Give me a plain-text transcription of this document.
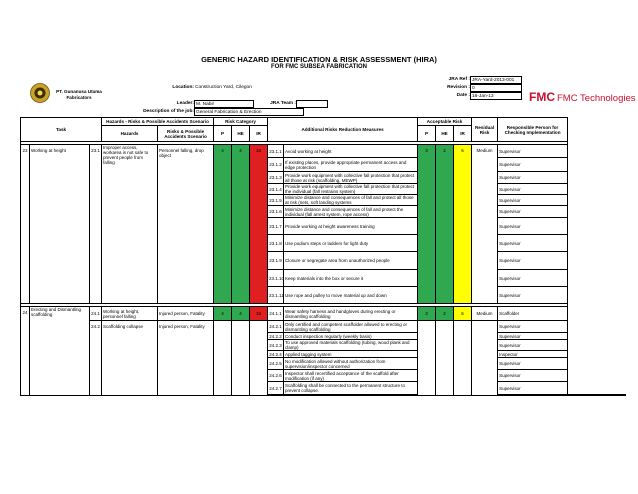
GENERIC HAZARD IDENTIFICATION & RISK ASSESSMENT (HIRA)
FOR FMC SUBSEA FABRICATION
PT. Gunanusa Utama Fabricators	FMC FMC Technologies
JRA Ref : JRA-Yard-2013-001
Revision : 0
Date : 16-Jan-13
Location: Construction Yard, Cilegon
Leader: M. Nabir	JRA Team :
Description of the job: General Fabrication & Erection
Task			Hazards - Risks & Possible Accidents Scenario		Risk Category			Additional Risks Reduction Measures		Acceptable Risk			Residual Risk	Responsible Person for Checking Implementation		
			Hazards	Risks & Possible Accidents Scenario	P	HE	IR			P	HE	IR				

23	Working at height	23.1	Improper access, workarea is not safe to prevent people from falling	Personnel falling, drop object	4	4	16	23.1.1	Avoid working at height	3	2	6	Medium	Supervisor		
								23.1.2	If existing places, provide appropriate permanent access and edge protection					Supervisor		
								23.1.3	Provide work equipment with collective fall protection that protect all those at risk (scaffolding, MEWP)					Supervisor		
								23.1.4	Provide work equipment with collective fall protection that protect the individual (fall restrains system)					Supervisor		
								23.1.5	Minimize distance and consequences of fall and protect all those at risk (nets, soft landing systems					Supervisor		
								23.1.6	Minimize distance and consequences of fall and protect the individual (fall arrest system, rope access)					Supervisor		
								23.1.7	Provide working at height awareness training					Supervisor		
								23.1.8	Use podium steps or ladders for light duty					Supervisor		
								23.1.9	Closure or segregate area from unauthorized people					Supervisor		
								23.1.10	Keep materials into the box or secure it					Supervisor		
								23.1.11	Use rope and pulley to move material up and down					Supervisor		

24	Erecting and Dismantling scaffolding	24.1	Working at height, personnel falling	Injured person, Fatality	4	4	16	24.1.1	Wear safety harness and handgloves during erecting or dismantling scaffolding	3	2	6	Medium	Scaffolder		
		24.2	Scaffolding collapse	Injured person, Fatality				24.2.1	Only certified and competent scaffolder allowed to erecting or dismantling scaffolding					Supervisor		
								24.2.2	Conduct inspection regularly (weekly basis)					Supervisor		
								24.2.3	To use approved materials scaffolding (tubing, wood plank and clamp)					Supervisor		
								24.2.4	Applied tagging system					Inspector		
								24.2.5	No modification allowed without authorization from supervision/inspector concerned					Supervisor		
								24.2.6	Inspector shall recertified acceptance of the scaffold after modification (if any)					Supervisor		
								24.2.7	Scaffolding shall be connected to the permanent structure to prevent collapse.					Supervisor		
